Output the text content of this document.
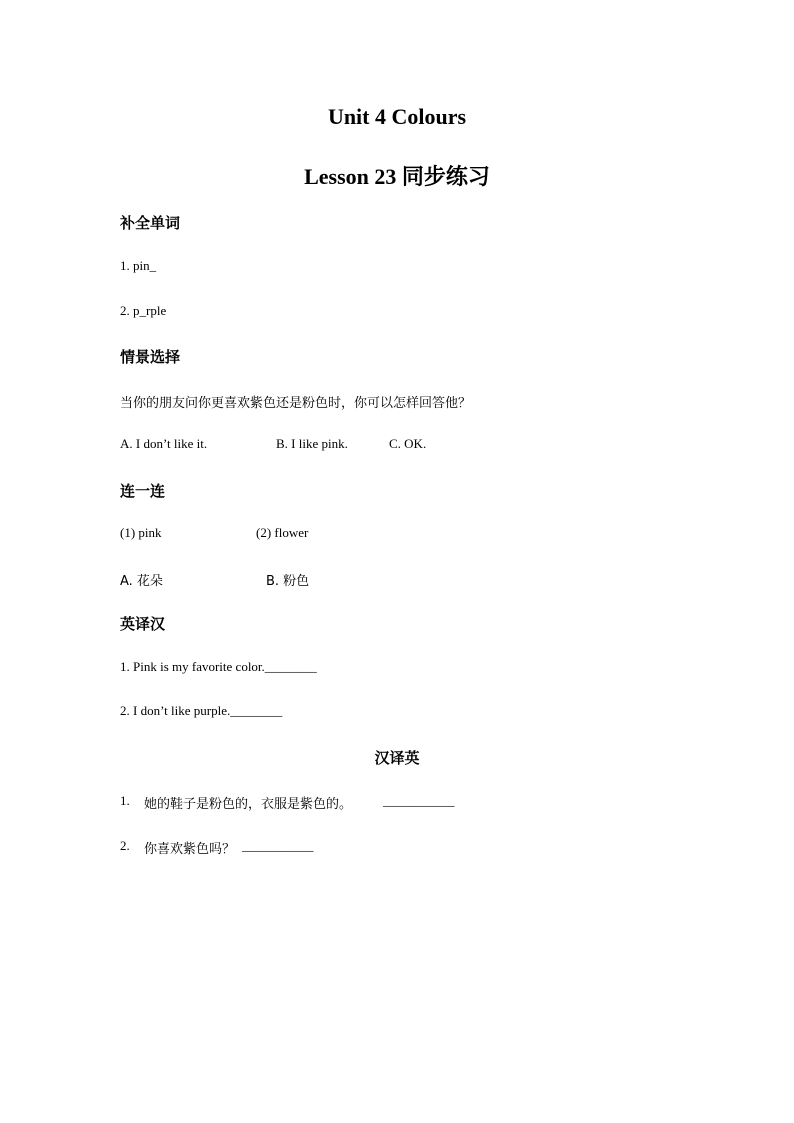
Unit 4 Colours
Lesson 23 同步练习
补全单词
1. pin_
2. p_rple
情景选择
当你的朋友问你更喜欢紫色还是粉色时，你可以怎样回答他？
A. I don’t like it.	B. I like pink.	C. OK.
连一连
(1) pink	(2) flower
A. 花朵	B. 粉色
英译汉
1. Pink is my favorite color.________
2. I don’t like purple.________
汉译英
1. 她的鞋子是粉色的，衣服是紫色的。 ___________
2. 你喜欢紫色吗？ ___________
